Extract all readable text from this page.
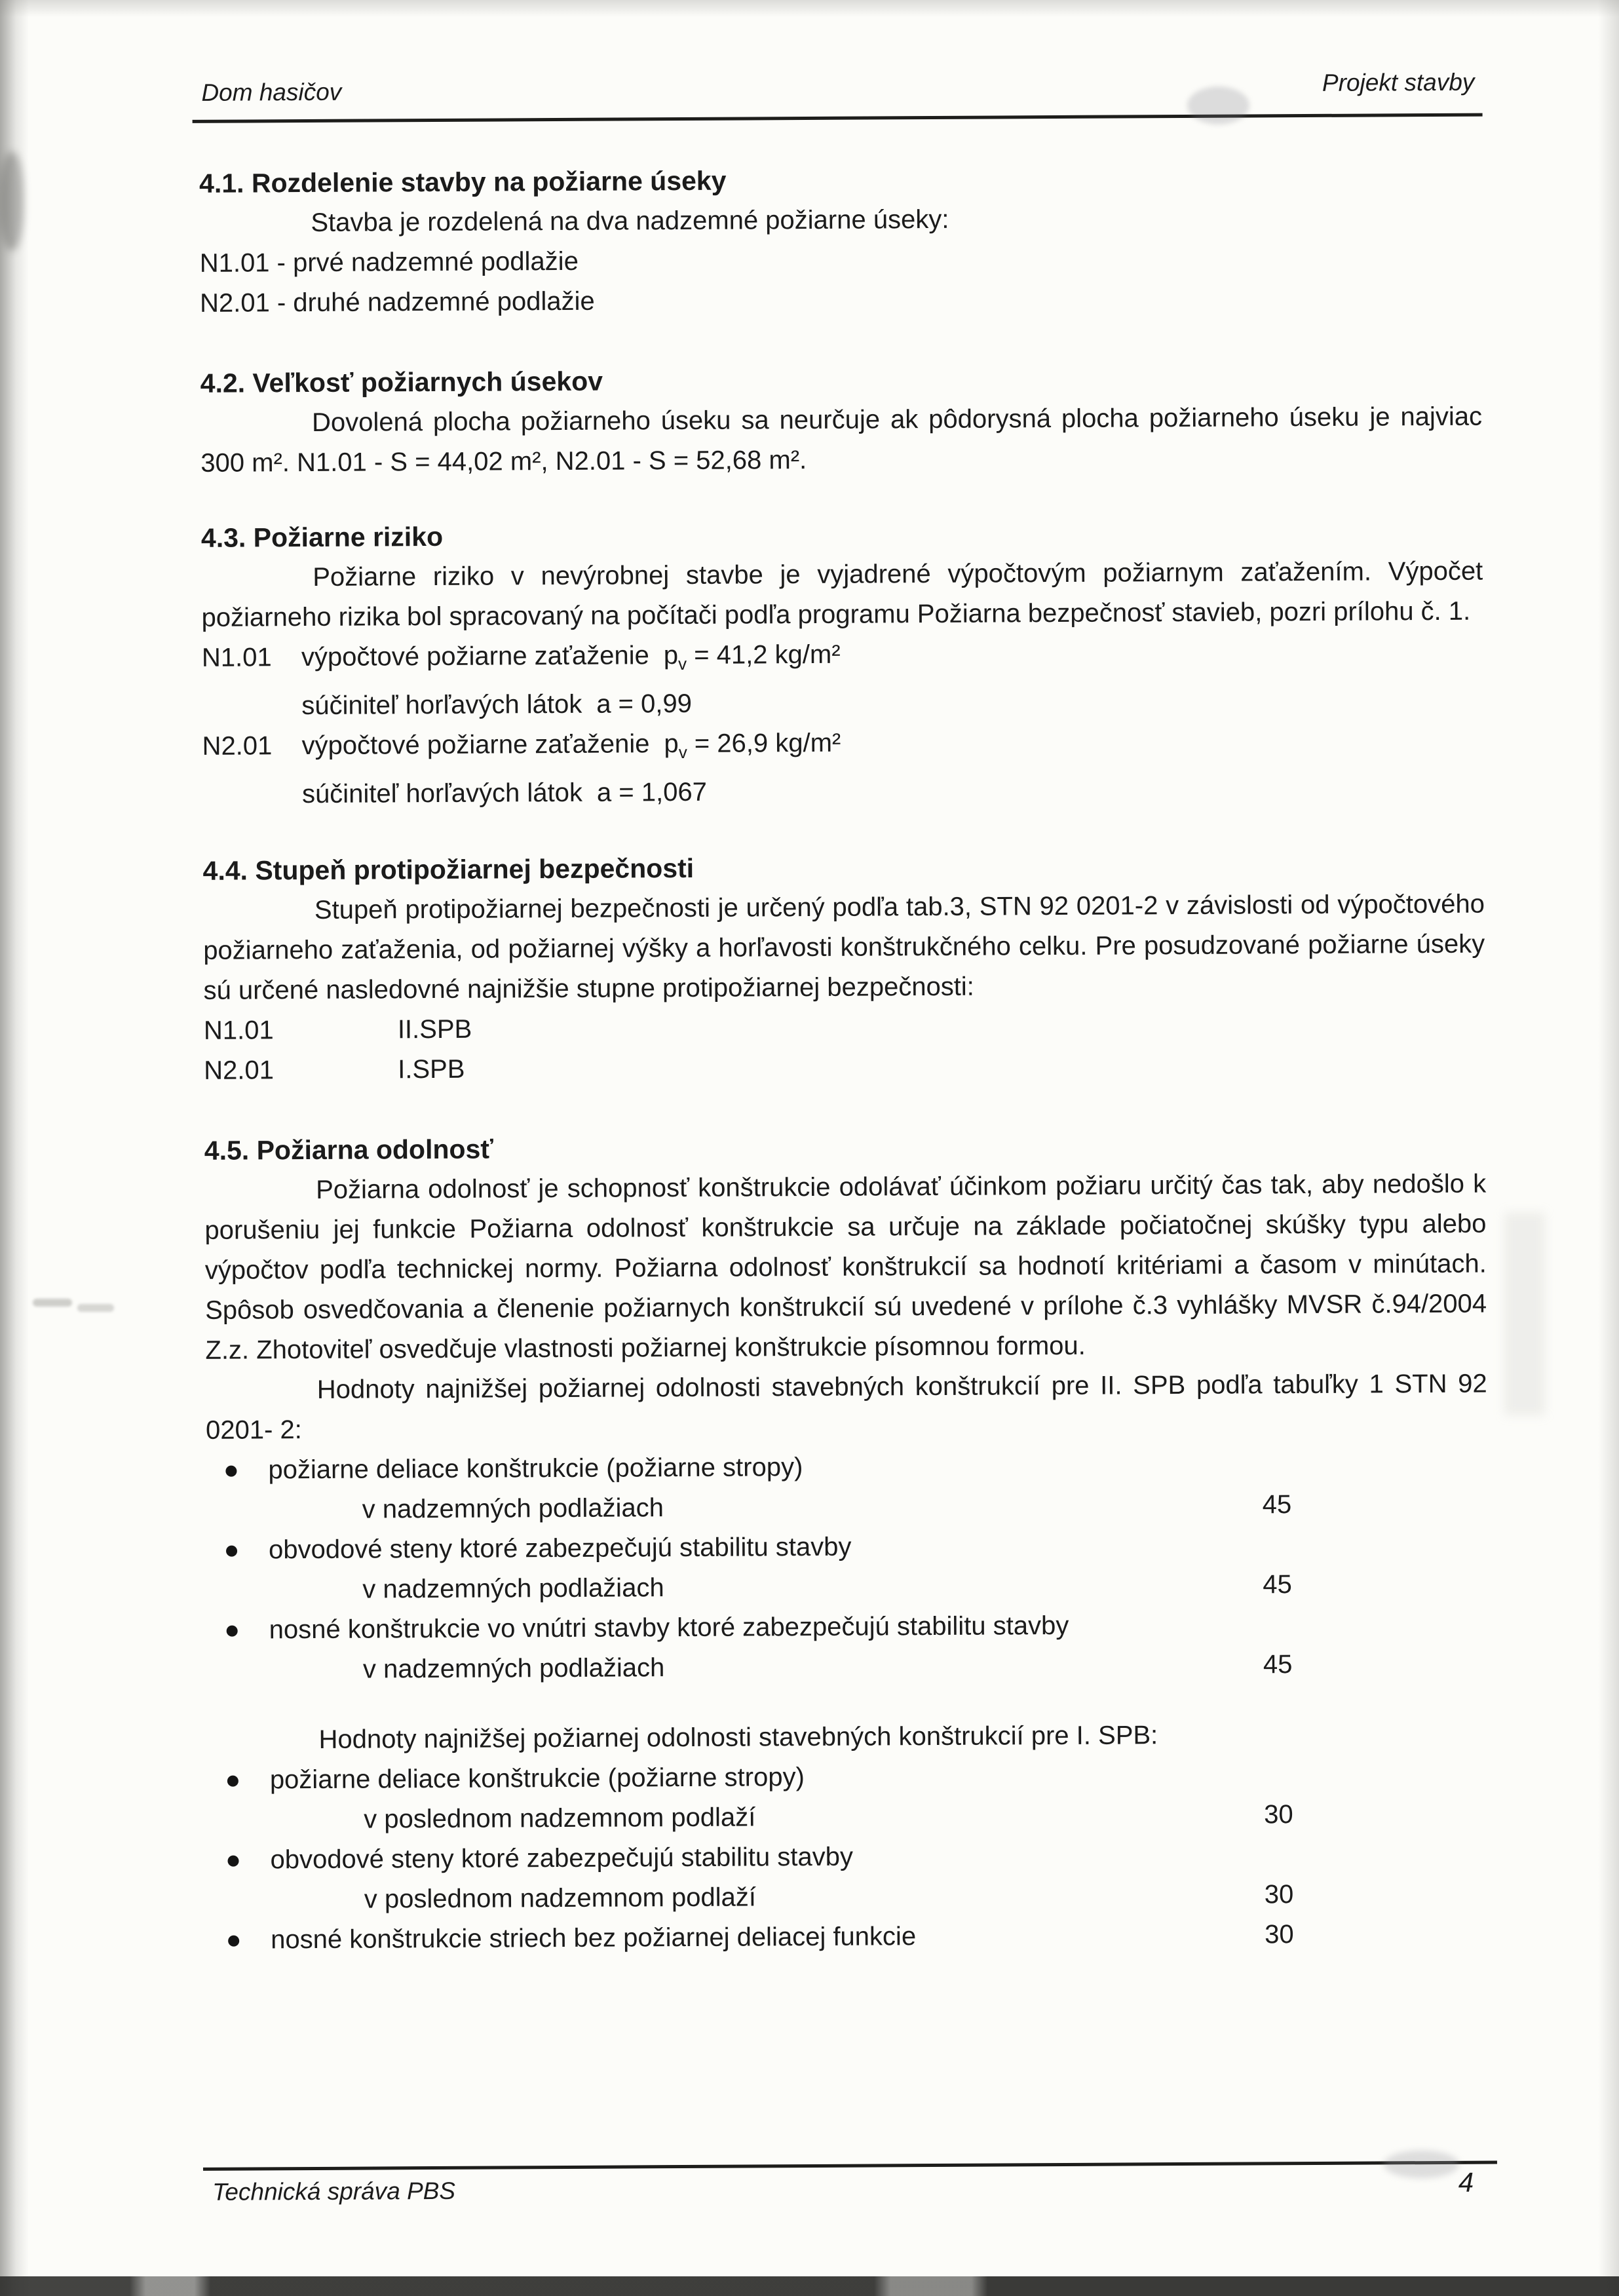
Dom hasičov	Projekt stavby
4.1. Rozdelenie stavby na požiarne úseky

Stavba je rozdelená na dva nadzemné požiarne úseky:

N1.01 - prvé nadzemné podlažie

N2.01 - druhé nadzemné podlažie

4.2. Veľkosť požiarnych úsekov

Dovolená plocha požiarneho úseku sa neurčuje ak pôdorysná plocha požiarneho úseku je najviac 300 m². N1.01 - S = 44,02 m², N2.01 - S = 52,68 m².

4.3. Požiarne riziko

Požiarne riziko v nevýrobnej stavbe je vyjadrené výpočtovým požiarnym zaťažením. Výpočet požiarneho rizika bol spracovaný na počítači podľa programu Požiarna bezpečnosť stavieb, pozri prílohu č. 1.

N1.01 výpočtové požiarne zaťaženie $p_v = 41,2$ kg/m²
súčiniteľ horľavých látok a = 0,99
N2.01 výpočtové požiarne zaťaženie $p_v = 26,9$ kg/m²
súčiniteľ horľavých látok a = 1,067
4.4. Stupeň protipožiarnej bezpečnosti

Stupeň protipožiarnej bezpečnosti je určený podľa tab.3, STN 92 0201-2 v závislosti od výpočtového požiarneho zaťaženia, od požiarnej výšky a horľavosti konštrukčného celku. Pre posudzované požiarne úseky sú určené nasledovné najnižšie stupne protipožiarnej bezpečnosti:

N1.01	II.SPB
N2.01	I.SPB
4.5. Požiarna odolnosť

Požiarna odolnosť je schopnosť konštrukcie odolávať účinkom požiaru určitý čas tak, aby nedošlo k porušeniu jej funkcie Požiarna odolnosť konštrukcie sa určuje na základe počiatočnej skúšky typu alebo výpočtov podľa technickej normy. Požiarna odolnosť konštrukcií sa hodnotí kritériami a časom v minútach. Spôsob osvedčovania a členenie požiarnych konštrukcií sú uvedené v prílohe č.3 vyhlášky MVSR č.94/2004 Z.z. Zhotoviteľ osvedčuje vlastnosti požiarnej konštrukcie písomnou formou.

Hodnoty najnižšej požiarnej odolnosti stavebných konštrukcií pre II. SPB podľa tabuľky 1 STN 92 0201- 2:

požiarne deliace konštrukcie (požiarne stropy)
v nadzemných podlažiach	45
obvodové steny ktoré zabezpečujú stabilitu stavby
v nadzemných podlažiach	45
nosné konštrukcie vo vnútri stavby ktoré zabezpečujú stabilitu stavby
v nadzemných podlažiach	45

Hodnoty najnižšej požiarnej odolnosti stavebných konštrukcií pre I. SPB:

požiarne deliace konštrukcie (požiarne stropy)
v poslednom nadzemnom podlaží	30
obvodové steny ktoré zabezpečujú stabilitu stavby
v poslednom nadzemnom podlaží	30
nosné konštrukcie striech bez požiarnej deliacej funkcie	30
Technická správa PBS	4
